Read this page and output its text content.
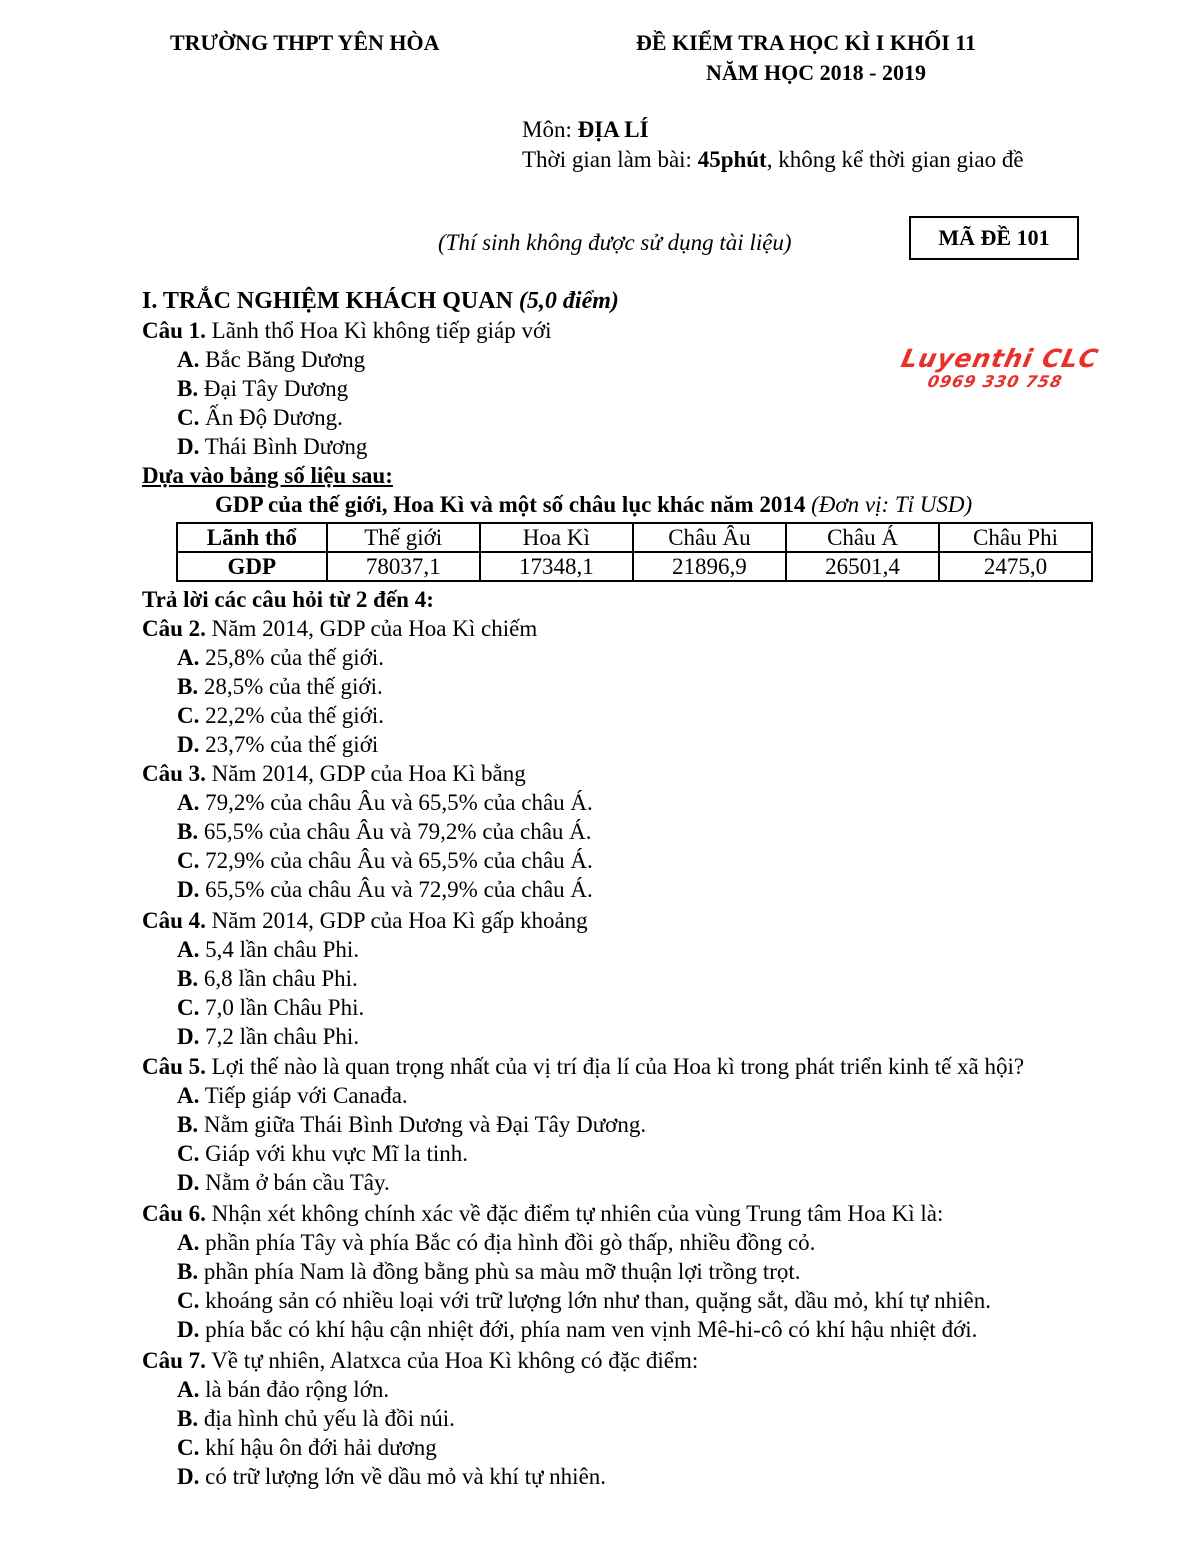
TRƯỜNG THPT YÊN HÒA	ĐỀ KIỂM TRA HỌC KÌ I KHỐI 11
NĂM HỌC 2018 - 2019
Môn: ĐỊA LÍ
Thời gian làm bài: 45phút, không kể thời gian giao đề
(Thí sinh không được sử dụng tài liệu)	MÃ ĐỀ 101
Luyenthi CLC
0969 330 758
I. TRẮC NGHIỆM KHÁCH QUAN (5,0 điểm)
Câu 1. Lãnh thổ Hoa Kì không tiếp giáp với
A. Bắc Băng Dương
B. Đại Tây Dương
C. Ấn Độ Dương.
D. Thái Bình Dương
Dựa vào bảng số liệu sau:
GDP của thế giới, Hoa Kì và một số châu lục khác năm 2014 (Đơn vị: Tỉ USD)
Lãnh thổ	Thế giới	Hoa Kì	Châu Âu	Châu Á	Châu Phi
GDP	78037,1	17348,1	21896,9	26501,4	2475,0
Trả lời các câu hỏi từ 2 đến 4:
Câu 2. Năm 2014, GDP của Hoa Kì chiếm
A. 25,8% của thế giới.
B. 28,5% của thế giới.
C. 22,2% của thế giới.
D. 23,7% của thế giới
Câu 3. Năm 2014, GDP của Hoa Kì bằng
A. 79,2% của châu Âu và 65,5% của châu Á.
B. 65,5% của châu Âu và 79,2% của châu Á.
C. 72,9% của châu Âu và 65,5% của châu Á.
D. 65,5% của châu Âu và 72,9% của châu Á.
Câu 4. Năm 2014, GDP của Hoa Kì gấp khoảng
A. 5,4 lần châu Phi.
B. 6,8 lần châu Phi.
C. 7,0 lần Châu Phi.
D. 7,2 lần châu Phi.
Câu 5. Lợi thế nào là quan trọng nhất của vị trí địa lí của Hoa kì trong phát triển kinh tế xã hội?
A. Tiếp giáp với Canađa.
B. Nằm giữa Thái Bình Dương và Đại Tây Dương.
C. Giáp với khu vực Mĩ la tinh.
D. Nằm ở bán cầu Tây.
Câu 6. Nhận xét không chính xác về đặc điểm tự nhiên của vùng Trung tâm Hoa Kì là:
A. phần phía Tây và phía Bắc có địa hình đồi gò thấp, nhiều đồng cỏ.
B. phần phía Nam là đồng bằng phù sa màu mỡ thuận lợi trồng trọt.
C. khoáng sản có nhiều loại với trữ lượng lớn như than, quặng sắt, dầu mỏ, khí tự nhiên.
D. phía bắc có khí hậu cận nhiệt đới, phía nam ven vịnh Mê-hi-cô có khí hậu nhiệt đới.
Câu 7. Về tự nhiên, Alatxca của Hoa Kì không có đặc điểm:
A. là bán đảo rộng lớn.
B. địa hình chủ yếu là đồi núi.
C. khí hậu ôn đới hải dương
D. có trữ lượng lớn về dầu mỏ và khí tự nhiên.
